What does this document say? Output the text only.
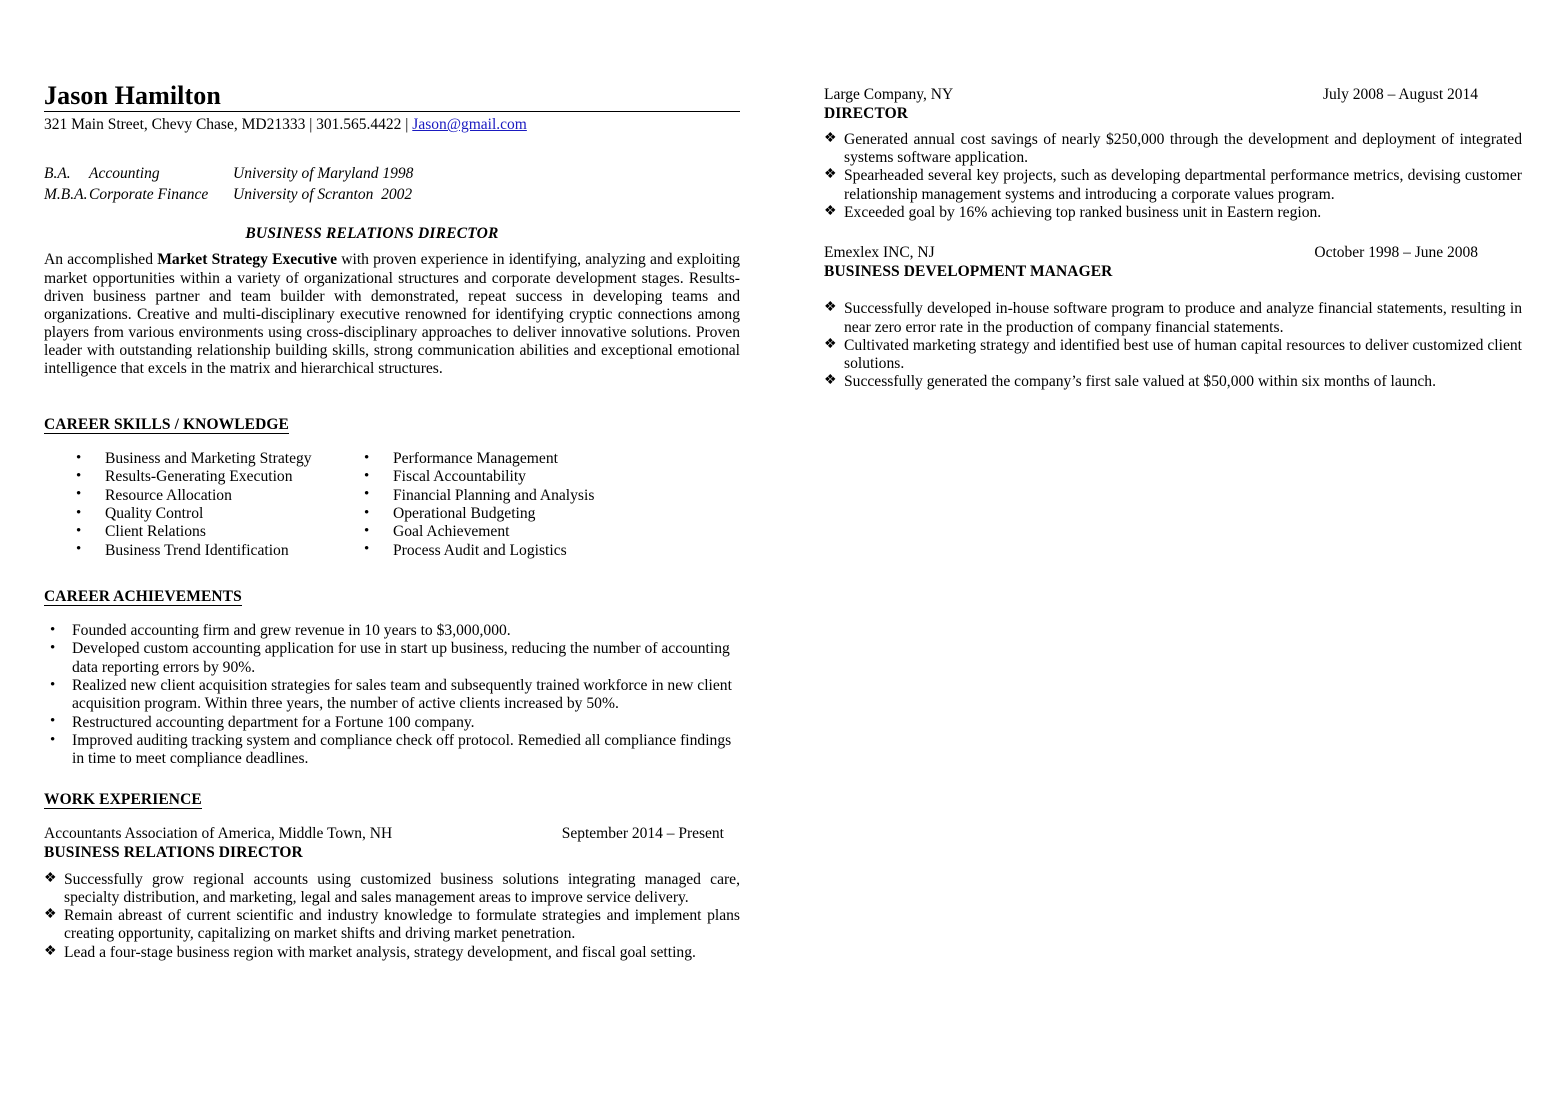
Jason Hamilton
321 Main Street, Chevy Chase, MD21333 | 301.565.4422 | Jason@gmail.com
B.A.	Accounting	University of Maryland 1998
M.B.A. Corporate Finance	University of Scranton  2002
BUSINESS RELATIONS DIRECTOR

An accomplished Market Strategy Executive with proven experience in identifying, analyzing and exploiting market opportunities within a variety of organizational structures and corporate development stages. Results-driven business partner and team builder with demonstrated, repeat success in developing teams and organizations. Creative and multi-disciplinary executive renowned for identifying cryptic connections among players from various environments using cross-disciplinary approaches to deliver innovative solutions. Proven leader with outstanding relationship building skills, strong communication abilities and exceptional emotional intelligence that excels in the matrix and hierarchical structures.

CAREER SKILLS / KNOWLEDGE
• Business and Marketing Strategy
• Results-Generating Execution
• Resource Allocation
• Quality Control
• Client Relations
• Business Trend Identification
• Performance Management
• Fiscal Accountability
• Financial Planning and Analysis
• Operational Budgeting
• Goal Achievement
• Process Audit and Logistics
CAREER ACHIEVEMENTS
• Founded accounting firm and grew revenue in 10 years to $3,000,000.
• Developed custom accounting application for use in start up business, reducing the number of accounting data reporting errors by 90%.
• Realized new client acquisition strategies for sales team and subsequently trained workforce in new client acquisition program. Within three years, the number of active clients increased by 50%.
• Restructured accounting department for a Fortune 100 company.
• Improved auditing tracking system and compliance check off protocol. Remedied all compliance findings in time to meet compliance deadlines.
WORK EXPERIENCE
Accountants Association of America, Middle Town, NH	September 2014 – Present
BUSINESS RELATIONS DIRECTOR
❖ Successfully grow regional accounts using customized business solutions integrating managed care, specialty distribution, and marketing, legal and sales management areas to improve service delivery.
❖ Remain abreast of current scientific and industry knowledge to formulate strategies and implement plans creating opportunity, capitalizing on market shifts and driving market penetration.
❖ Lead a four-stage business region with market analysis, strategy development, and fiscal goal setting.
Large Company, NY	July 2008 – August 2014
DIRECTOR
❖ Generated annual cost savings of nearly $250,000 through the development and deployment of integrated systems software application.
❖ Spearheaded several key projects, such as developing departmental performance metrics, devising customer relationship management systems and introducing a corporate values program.
❖ Exceeded goal by 16% achieving top ranked business unit in Eastern region.
Emexlex INC, NJ	October 1998 – June 2008
BUSINESS DEVELOPMENT MANAGER
❖ Successfully developed in-house software program to produce and analyze financial statements, resulting in near zero error rate in the production of company financial statements.
❖ Cultivated marketing strategy and identified best use of human capital resources to deliver customized client solutions.
❖ Successfully generated the company’s first sale valued at $50,000 within six months of launch.
